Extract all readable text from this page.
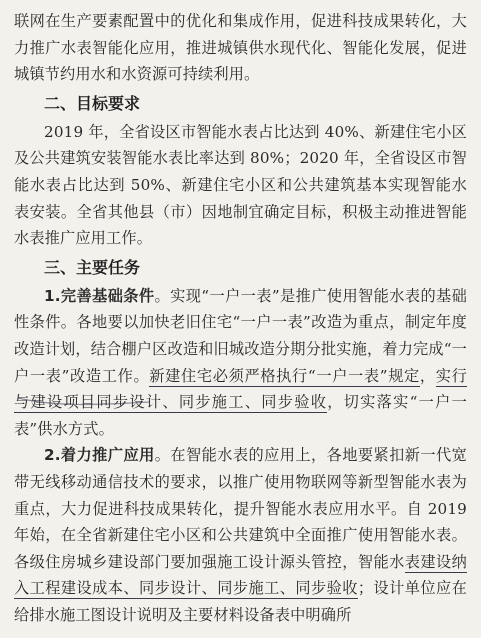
联网在生产要素配置中的优化和集成作用，促进科技成果转化，大力推广水表智能化应用，推进城镇供水现代化、智能化发展，促进城镇节约用水和水资源可持续利用。

二、目标要求

2019 年，全省设区市智能水表占比达到 40%、新建住宅小区及公共建筑安装智能水表比率达到 80%；2020 年，全省设区市智能水表占比达到 50%、新建住宅小区和公共建筑基本实现智能水表安装。全省其他县（市）因地制宜确定目标，积极主动推进智能水表推广应用工作。

三、主要任务

1.完善基础条件。实现“一户一表”是推广使用智能水表的基础性条件。各地要以加快老旧住宅“一户一表”改造为重点，制定年度改造计划，结合棚户区改造和旧城改造分期分批实施，着力完成“一户一表”改造工作。新建住宅必须严格执行“一户一表”规定，实行与建设项目同步设计、同步施工、同步验收，切实落实“一户一表”供水方式。

2.着力推广应用。在智能水表的应用上，各地要紧扣新一代宽带无线移动通信技术的要求，以推广使用物联网等新型智能水表为重点，大力促进科技成果转化，提升智能水表应用水平。自 2019 年始，在全省新建住宅小区和公共建筑中全面推广使用智能水表。各级住房城乡建设部门要加强施工设计源头管控，智能水表建设纳入工程建设成本、同步设计、同步施工、同步验收；设计单位应在给排水施工图设计说明及主要材料设备表中明确所
